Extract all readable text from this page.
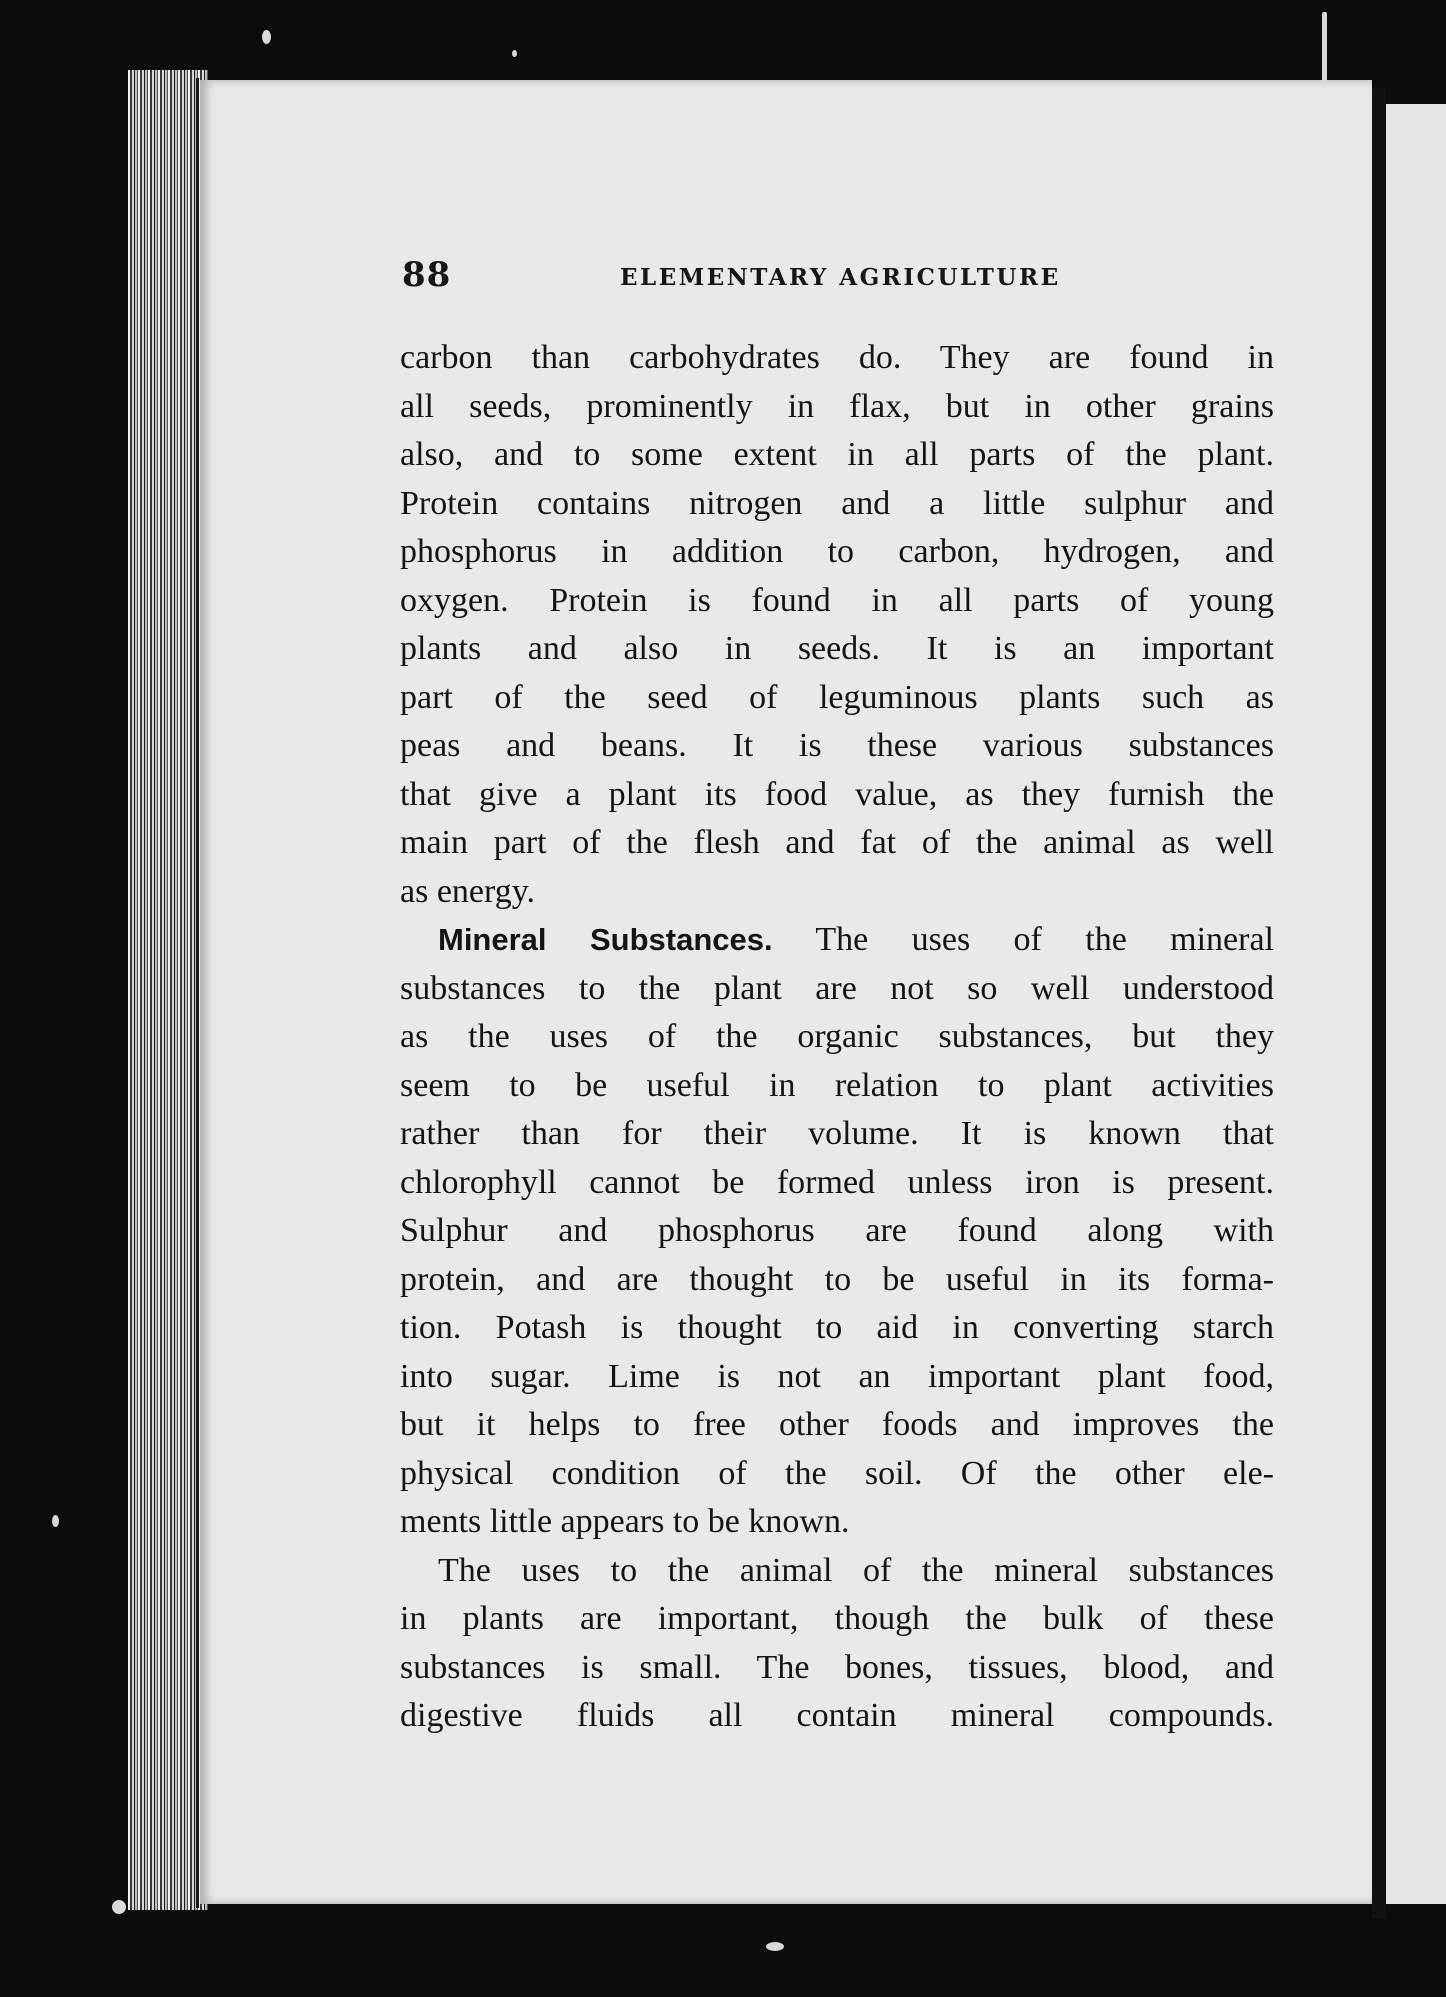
88	ELEMENTARY AGRICULTURE
carbon than carbohydrates do. They are found in
all seeds, prominently in flax, but in other grains
also, and to some extent in all parts of the plant.
Protein contains nitrogen and a little sulphur and
phosphorus in addition to carbon, hydrogen, and
oxygen. Protein is found in all parts of young
plants and also in seeds. It is an important
part of the seed of leguminous plants such as
peas and beans. It is these various substances
that give a plant its food value, as they furnish the
main part of the flesh and fat of the animal as well
as energy.
Mineral Substances. The uses of the mineral
substances to the plant are not so well understood
as the uses of the organic substances, but they
seem to be useful in relation to plant activities
rather than for their volume. It is known that
chlorophyll cannot be formed unless iron is present.
Sulphur and phosphorus are found along with
protein, and are thought to be useful in its forma-
tion. Potash is thought to aid in converting starch
into sugar. Lime is not an important plant food,
but it helps to free other foods and improves the
physical condition of the soil. Of the other ele-
ments little appears to be known.
The uses to the animal of the mineral substances
in plants are important, though the bulk of these
substances is small. The bones, tissues, blood, and
digestive fluids all contain mineral compounds.
